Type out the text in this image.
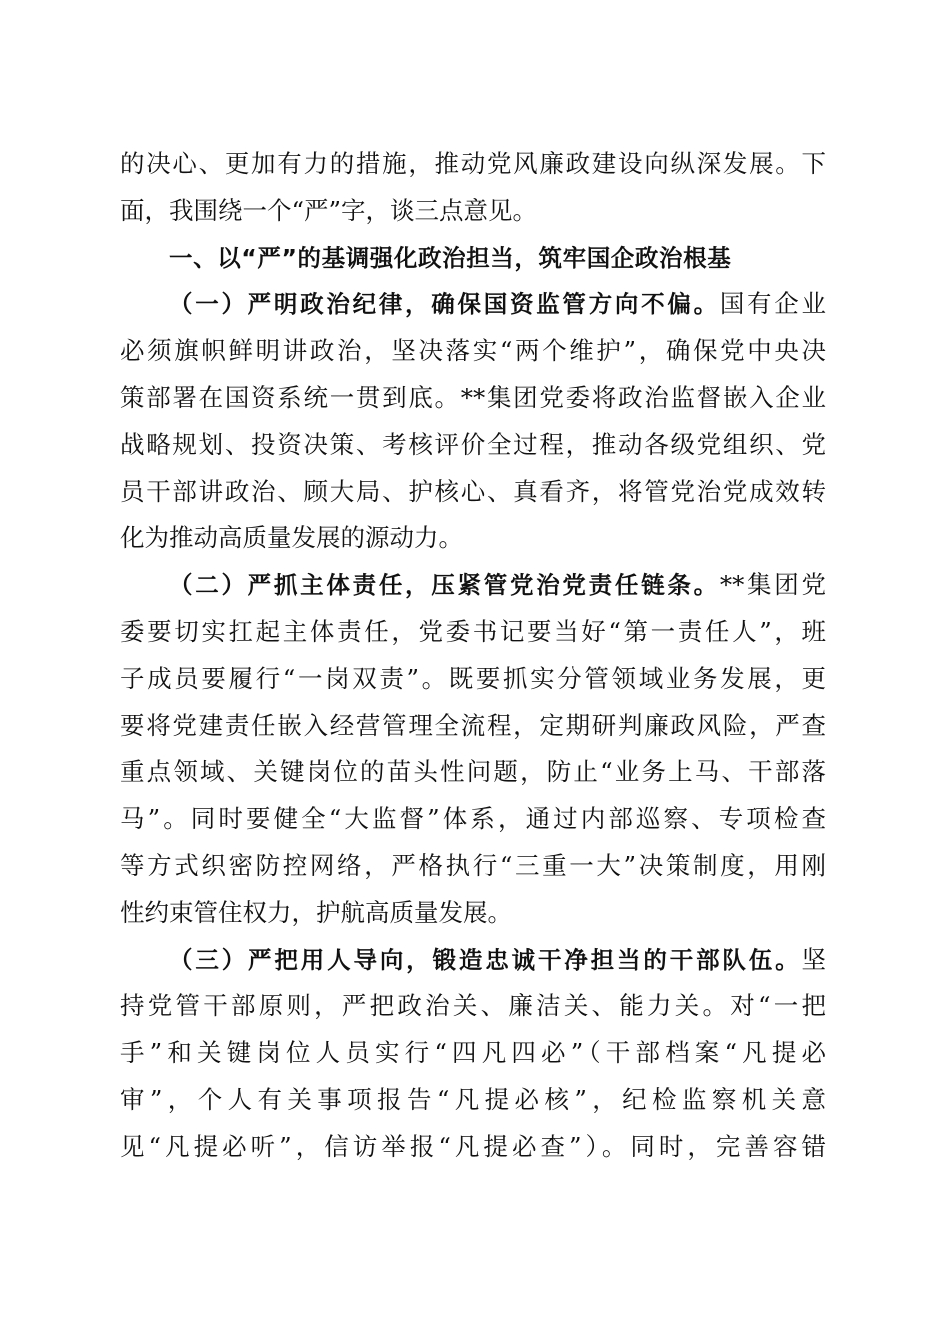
的决心、更加有力的措施，推动党风廉政建设向纵深发展。下
面，我围绕一个“严”字，谈三点意见。
一、以“严”的基调强化政治担当，筑牢国企政治根基
（一）严明政治纪律，确保国资监管方向不偏。国有企业
必须旗帜鲜明讲政治，坚决落实“两个维护”，确保党中央决
策部署在国资系统一贯到底。**集团党委将政治监督嵌入企业
战略规划、投资决策、考核评价全过程，推动各级党组织、党
员干部讲政治、顾大局、护核心、真看齐，将管党治党成效转
化为推动高质量发展的源动力。
（二）严抓主体责任，压紧管党治党责任链条。**集团党
委要切实扛起主体责任，党委书记要当好“第一责任人”，班
子成员要履行“一岗双责”。既要抓实分管领域业务发展，更
要将党建责任嵌入经营管理全流程，定期研判廉政风险，严查
重点领域、关键岗位的苗头性问题，防止“业务上马、干部落
马”。同时要健全“大监督”体系，通过内部巡察、专项检查
等方式织密防控网络，严格执行“三重一大”决策制度，用刚
性约束管住权力，护航高质量发展。
（三）严把用人导向，锻造忠诚干净担当的干部队伍。坚
持党管干部原则，严把政治关、廉洁关、能力关。对“一把
手”和关键岗位人员实行“四凡四必”（干部档案“凡提必
审”，个人有关事项报告“凡提必核”，纪检监察机关意
见“凡提必听”，信访举报“凡提必查”）。同时，完善容错
